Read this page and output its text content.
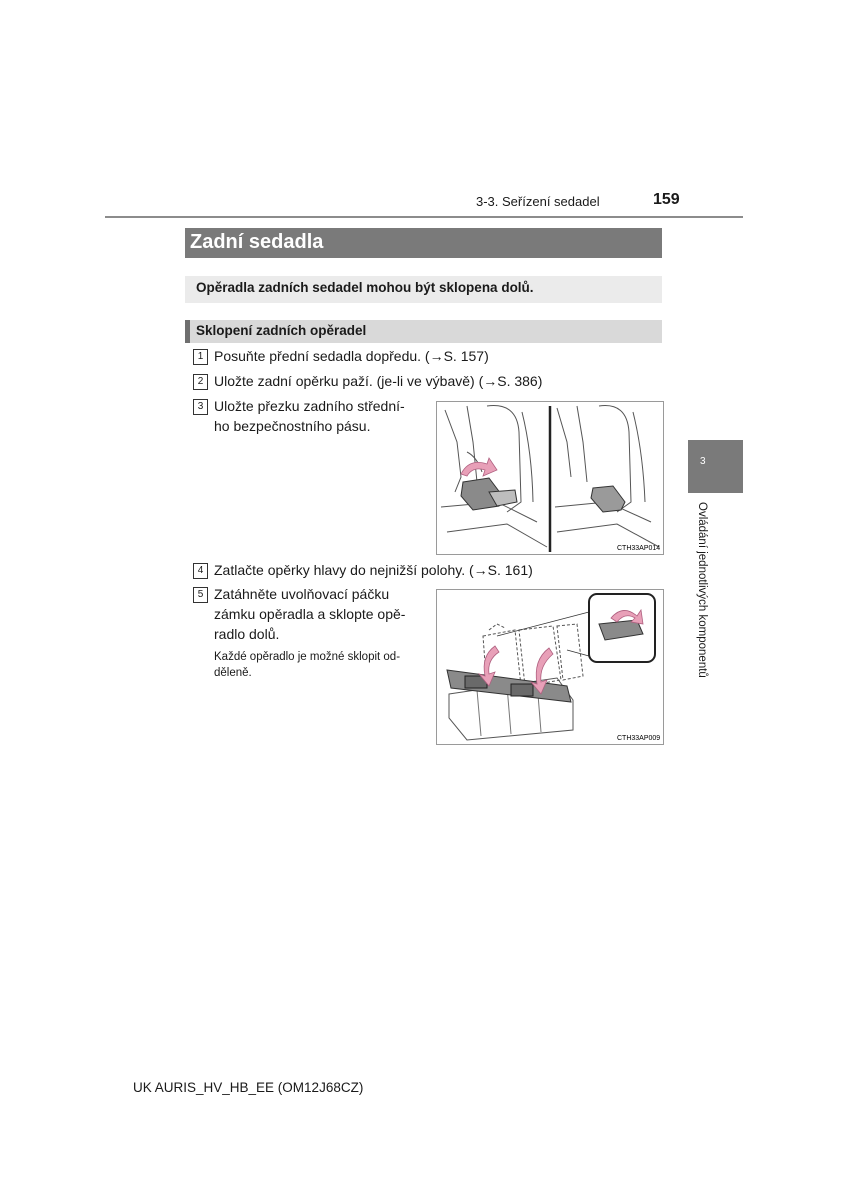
3-3. Seřízení sedadel	159
Zadní sedadla
Opěradla zadních sedadel mohou být sklopena dolů.
Sklopení zadních opěradel
1 Posuňte přední sedadla dopředu. (→S. 157)
2 Uložte zadní opěrku paží. (je-li ve výbavě) (→S. 386)
3 Uložte přezku zadního střední-
ho bezpečnostního pásu.
CTH33AP014
4 Zatlačte opěrky hlavy do nejnižší polohy. (→S. 161)
5 Zatáhněte uvolňovací páčku
zámku opěradla a sklopte opě-
radlo dolů.
Každé opěradlo je možné sklopit od-
děleně.
CTH33AP009
3
Ovládání jednotlivých komponentů
UK AURIS_HV_HB_EE (OM12J68CZ)
